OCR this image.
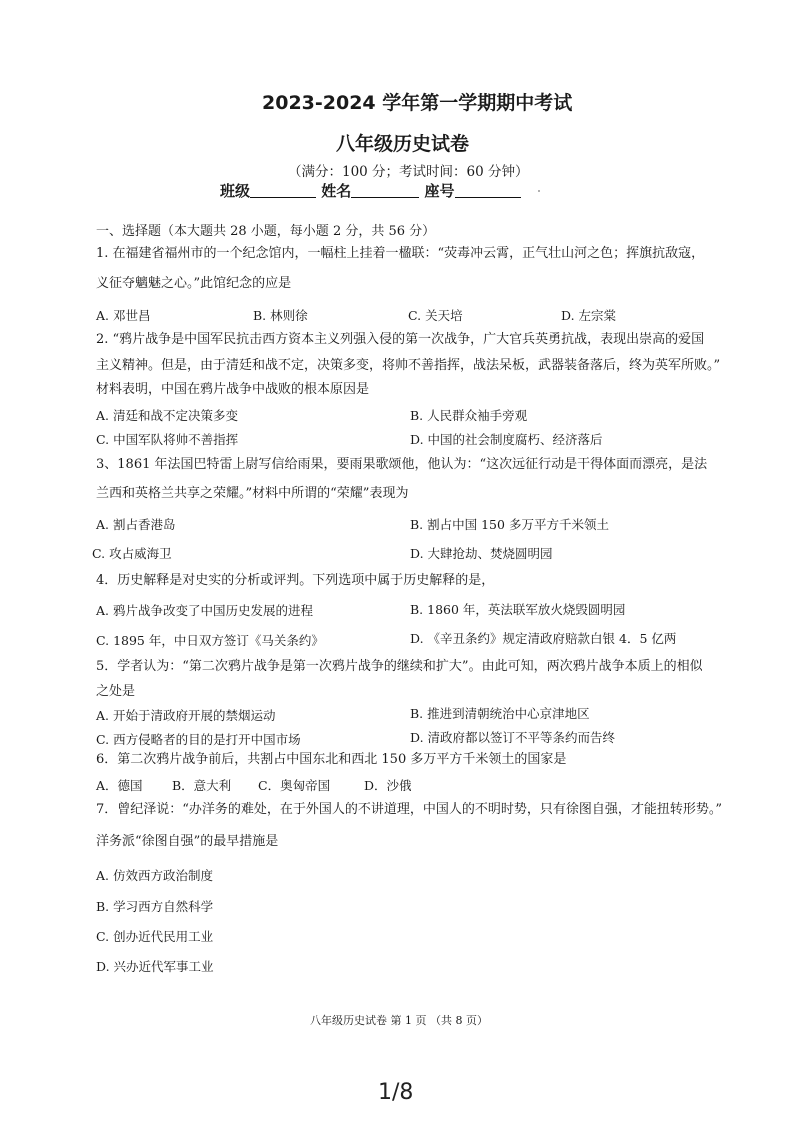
2023-2024 学年第一学期期中考试
八年级历史试卷
（满分：100 分；考试时间：60 分钟）
班级	姓名	座号
一、选择题（本大题共 28 小题，每小题 2 分，共 56 分）
1. 在福建省福州市的一个纪念馆内，一幅柱上挂着一楹联：“荧毒冲云霄，正气壮山河之色；挥旗抗敌寇，
义征夺魑魅之心。”此馆纪念的应是
A. 邓世昌	B. 林则徐	C. 关天培	D. 左宗棠
2. “鸦片战争是中国军民抗击西方资本主义列强入侵的第一次战争，广大官兵英勇抗战，表现出崇高的爱国
主义精神。但是，由于清廷和战不定，决策多变，将帅不善指挥，战法呆板，武器装备落后，终为英军所败。”
材料表明，中国在鸦片战争中战败的根本原因是
A. 清廷和战不定决策多变	B. 人民群众袖手旁观
C. 中国军队将帅不善指挥	D. 中国的社会制度腐朽、经济落后
3、1861 年法国巴特雷上尉写信给雨果，要雨果歌颂他，他认为：“这次远征行动是干得体面而漂亮，是法
兰西和英格兰共享之荣耀。”材料中所谓的“荣耀”表现为
A. 割占香港岛	B. 割占中国 150 多万平方千米领土
C. 攻占威海卫	D. 大肆抢劫、焚烧圆明园
4．历史解释是对史实的分析或评判。下列选项中属于历史解释的是，
A. 鸦片战争改变了中国历史发展的进程	B. 1860 年，英法联军放火烧毁圆明园
C. 1895 年，中日双方签订《马关条约》	D. 《辛丑条约》规定清政府赔款白银 4．5 亿两
5．学者认为：“第二次鸦片战争是第一次鸦片战争的继续和扩大”。由此可知，两次鸦片战争本质上的相似
之处是
A. 开始于清政府开展的禁烟运动	B. 推进到清朝统治中心京津地区
C. 西方侵略者的目的是打开中国市场	D. 清政府都以签订不平等条约而告终
6．第二次鸦片战争前后，共割占中国东北和西北 150 多万平方千米领土的国家是
A．德国 B．意大利 C．奥匈帝国	D．沙俄
7．曾纪泽说：“办洋务的难处，在于外国人的不讲道理，中国人的不明时势，只有徐图自强，才能扭转形势。”
洋务派“徐图自强”的最早措施是
A. 仿效西方政治制度
B. 学习西方自然科学
C. 创办近代民用工业
D. 兴办近代军事工业
八年级历史试卷 第 1 页 （共 8 页）
1/8
